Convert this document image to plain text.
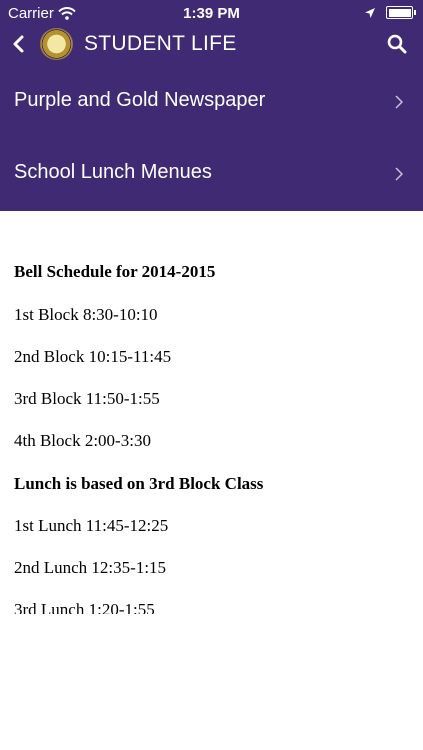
Carrier	1:39 PM
STUDENT LIFE
Purple and Gold Newspaper
School Lunch Menues

Bell Schedule for 2014-2015

1st Block 8:30-10:10

2nd Block 10:15-11:45

3rd Block 11:50-1:55

4th Block 2:00-3:30

Lunch is based on 3rd Block Class

1st Lunch 11:45-12:25

2nd Lunch 12:35-1:15

3rd Lunch 1:20-1:55
